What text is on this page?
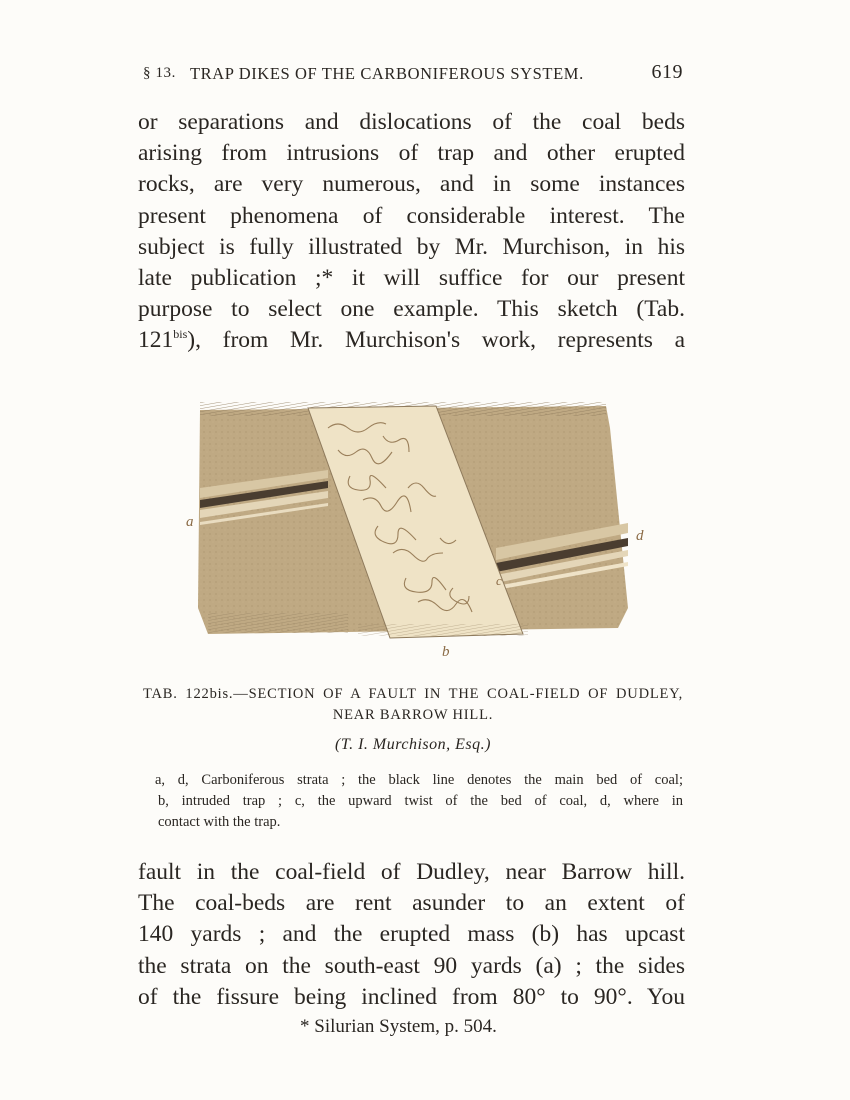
§ 13. TRAP DIKES OF THE CARBONIFEROUS SYSTEM.	619

or separations and dislocations of the coal beds
arising from intrusions of trap and other erupted
rocks, are very numerous, and in some instances
present phenomena of considerable interest. The
subject is fully illustrated by Mr. Murchison, in his
late publication ;* it will suffice for our present
purpose to select one example. This sketch (Tab.
$121^{bis}$), from Mr. Murchison's work, represents a

a
b
c
d
TAB. 122bis.—SECTION OF A FAULT IN THE COAL-FIELD OF DUDLEY,
NEAR BARROW HILL.
(T. I. Murchison, Esq.)
a, d, Carboniferous strata ; the black line denotes the main bed of coal;
b, intruded trap ; c, the upward twist of the bed of coal, d, where in
contact with the trap.

fault in the coal-field of Dudley, near Barrow hill.
The coal-beds are rent asunder to an extent of
140 yards ; and the erupted mass (b) has upcast
the strata on the south-east 90 yards (a) ; the sides
of the fissure being inclined from 80° to 90°. You

* Silurian System, p. 504.
